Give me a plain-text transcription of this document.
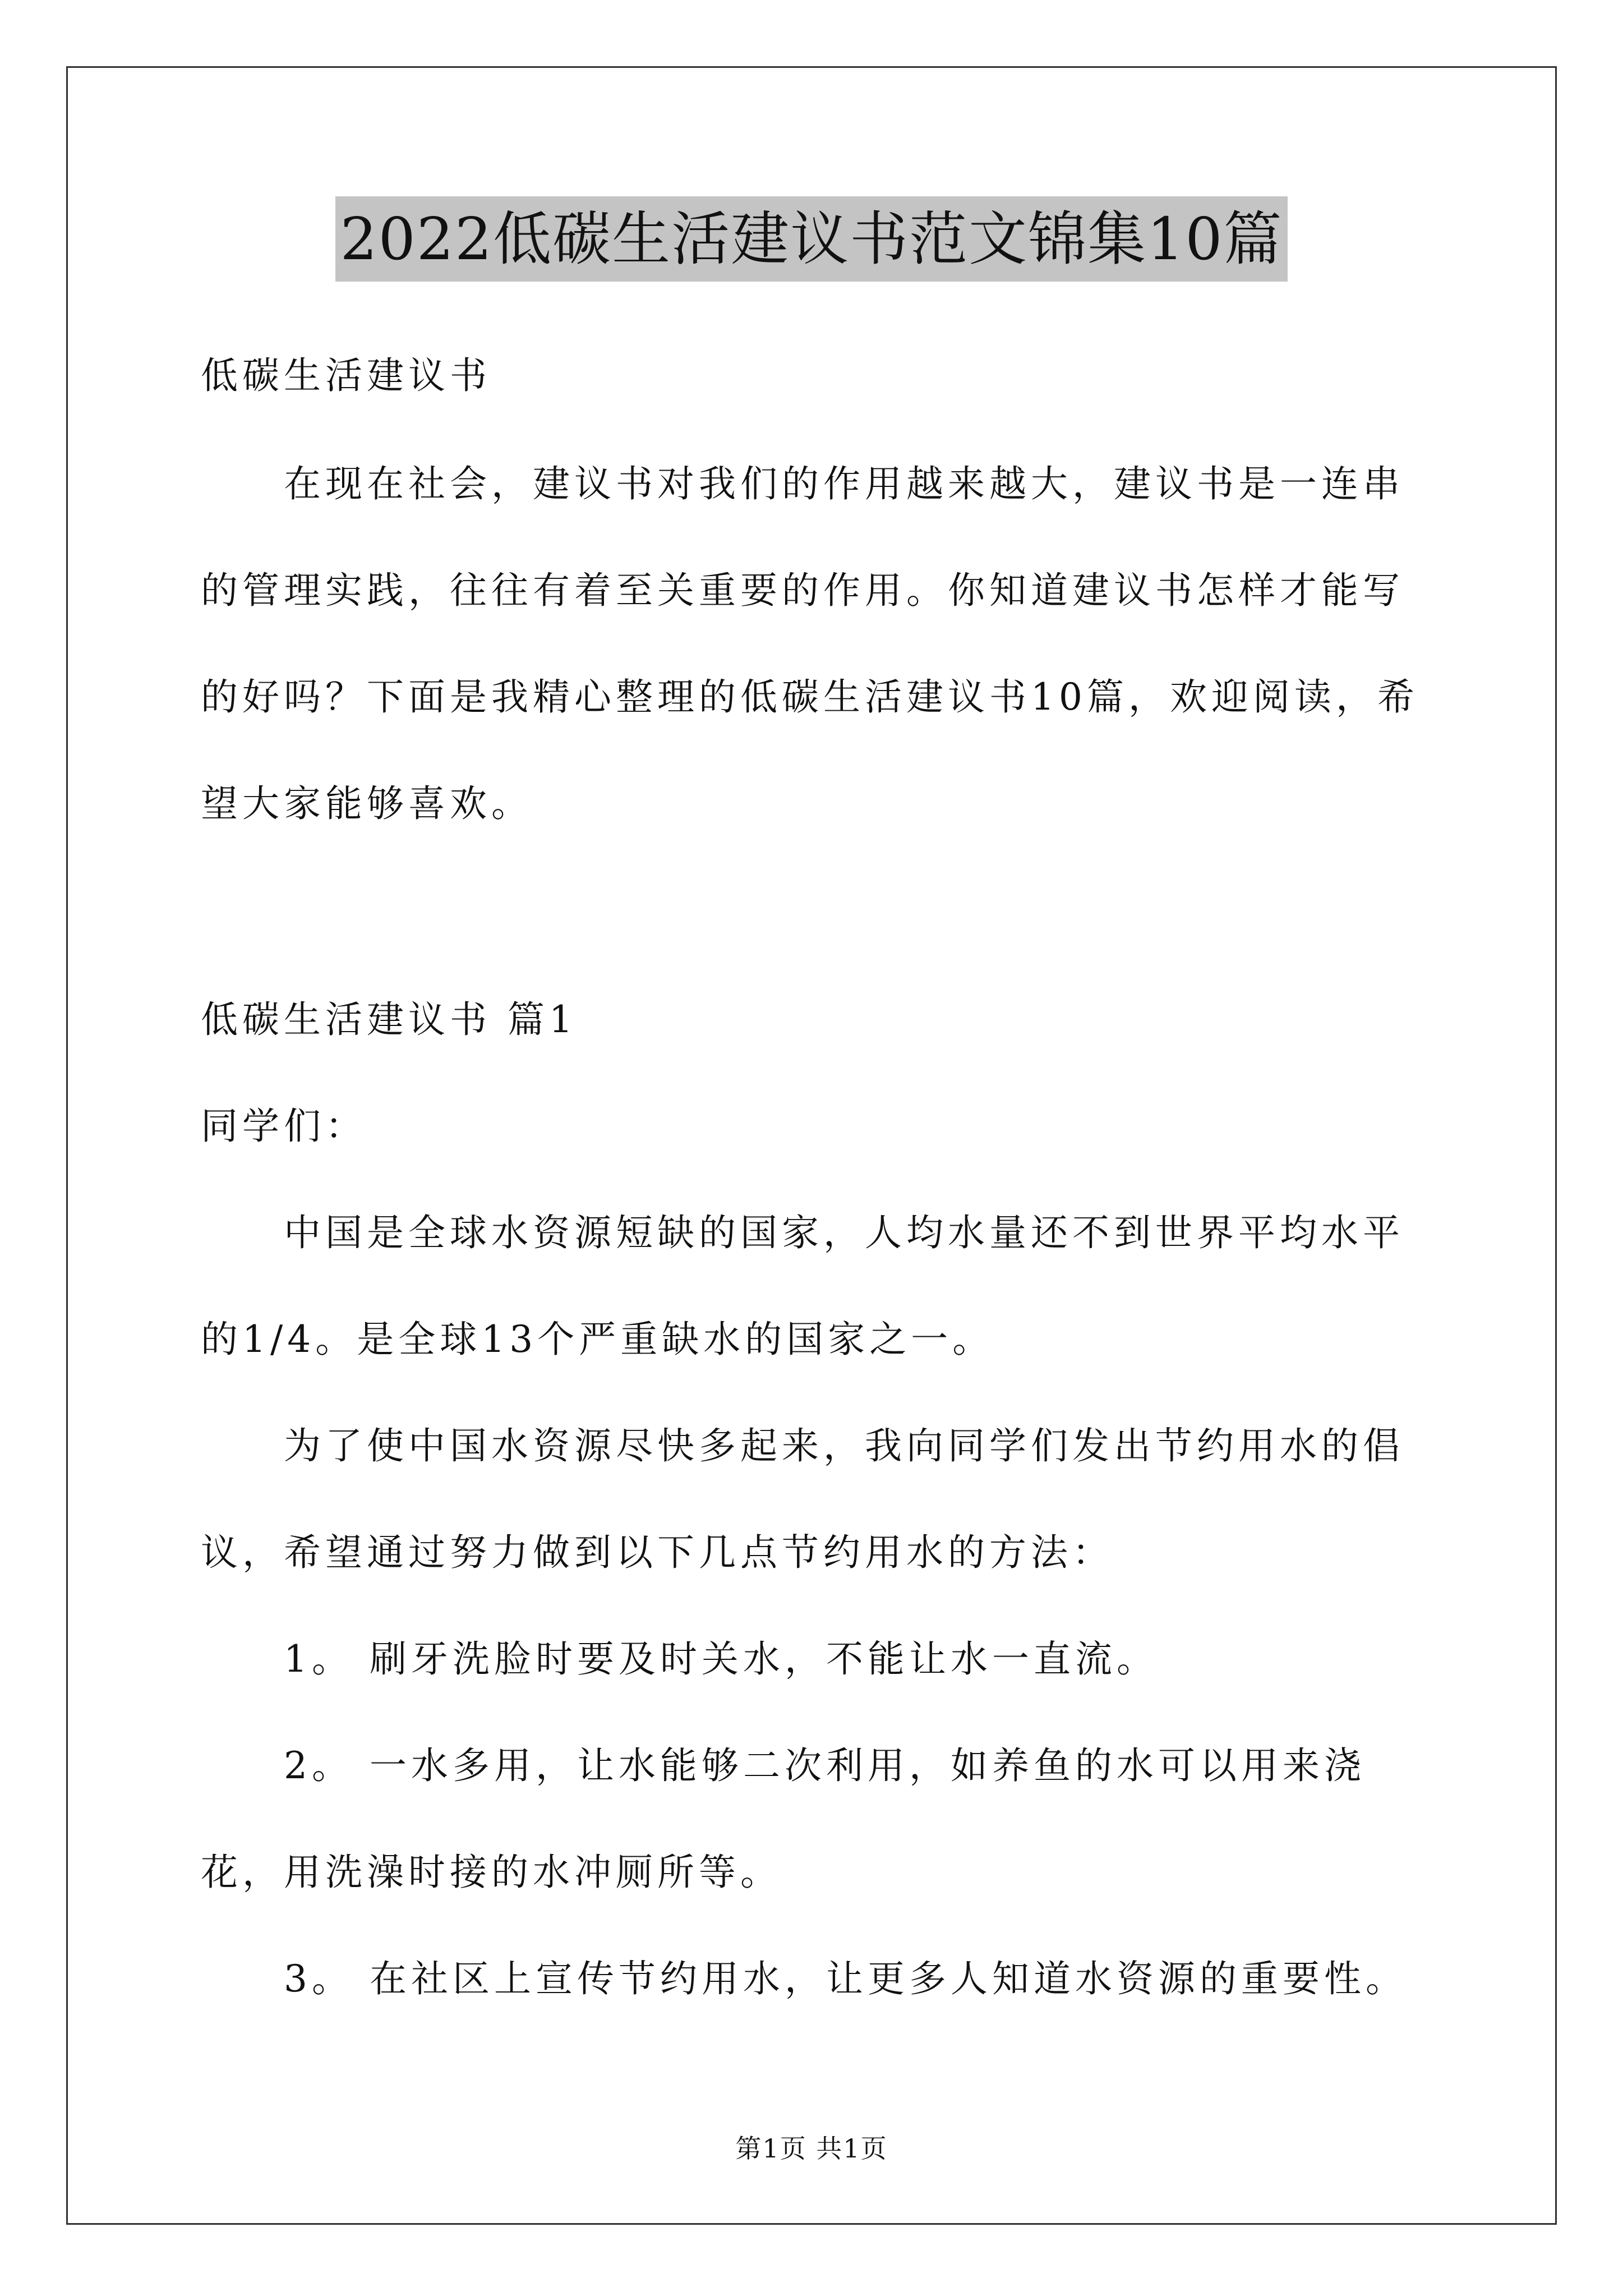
2022低碳生活建议书范文锦集10篇

低碳生活建议书

在现在社会，建议书对我们的作用越来越大，建议书是一连串的管理实践，往往有着至关重要的作用。你知道建议书怎样才能写的好吗？下面是我精心整理的低碳生活建议书10篇，欢迎阅读，希望大家能够喜欢。

低碳生活建议书 篇1

同学们：

中国是全球水资源短缺的国家，人均水量还不到世界平均水平的1/4。是全球13个严重缺水的国家之一。

为了使中国水资源尽快多起来，我向同学们发出节约用水的倡议，希望通过努力做到以下几点节约用水的方法：

1。 刷牙洗脸时要及时关水，不能让水一直流。

2。 一水多用，让水能够二次利用，如养鱼的水可以用来浇花，用洗澡时接的水冲厕所等。

3。 在社区上宣传节约用水，让更多人知道水资源的重要性。

第1页 共1页
